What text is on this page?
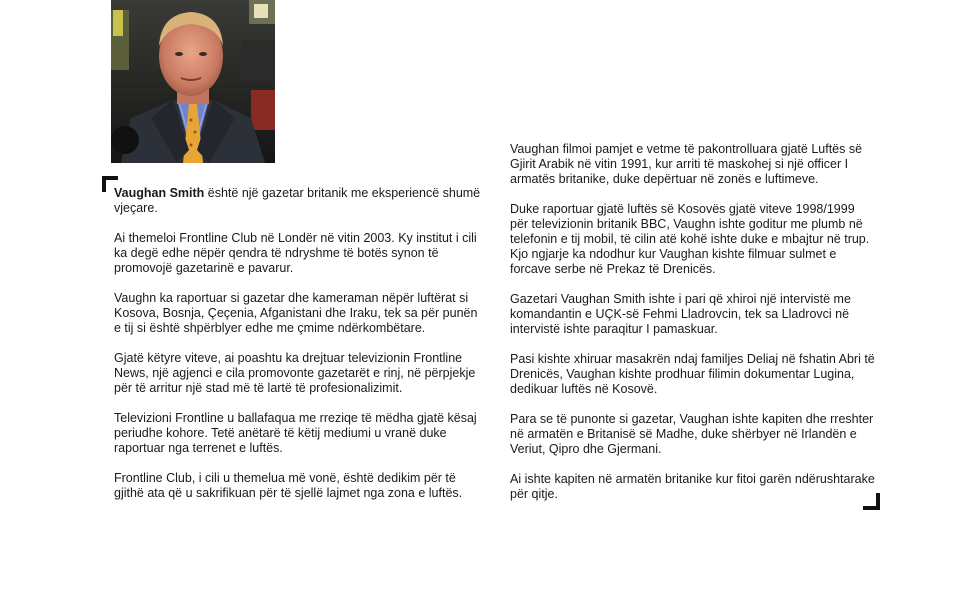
Vaughan Smith është një gazetar britanik me eksperiencë shumë vjeçare.

Ai themeloi Frontline Club në Londër në vitin 2003. Ky institut i cili ka degë edhe nëpër qendra të ndryshme të botës synon të promovojë gazetarinë e pavarur.

Vaughn ka raportuar si gazetar dhe kameraman nëpër luftërat si Kosova, Bosnja, Çeçenia, Afganistani dhe Iraku, tek sa për punën e tij si është shpërblyer edhe me çmime ndërkombëtare.

Gjatë këtyre viteve, ai poashtu ka drejtuar televizionin Frontline News, një agjenci e cila promovonte gazetarët e rinj, në përpjekje për të arritur një stad më të lartë të profesionalizimit.

Televizioni Frontline u ballafaqua me rreziqe të mëdha gjatë kësaj periudhe kohore. Tetë anëtarë të këtij mediumi u vranë duke raportuar nga terrenet e luftës.

Frontline Club, i cili u themelua më vonë, është dedikim për të gjithë ata që u sakrifikuan për të sjellë lajmet nga zona e luftës.

Vaughan filmoi pamjet e vetme të pakontrolluara gjatë Luftës së Gjirit Arabik në vitin 1991, kur arriti të maskohej si një officer I armatës britanike, duke depërtuar në zonës e luftimeve.

Duke raportuar gjatë luftës së Kosovës gjatë viteve 1998/1999 për televizionin britanik BBC, Vaughn ishte goditur me plumb në telefonin e tij mobil, të cilin atë kohë ishte duke e mbajtur në trup. Kjo ngjarje ka ndodhur kur Vaughan kishte filmuar sulmet e forcave serbe në Prekaz të Drenicës.

Gazetari Vaughan Smith ishte i pari që xhiroi një intervistë me komandantin e UÇK-së Fehmi Lladrovcin, tek sa Lladrovci në intervistë ishte paraqitur I pamaskuar.

Pasi kishte xhiruar masakrën ndaj familjes Deliaj në fshatin Abri të Drenicës, Vaughan kishte prodhuar filimin dokumentar Lugina, dedikuar luftës në Kosovë.

Para se të punonte si gazetar, Vaughan ishte kapiten dhe rreshter në armatën e Britanisë së Madhe, duke shërbyer në Irlandën e Veriut, Qipro dhe Gjermani.

Ai ishte kapiten në armatën britanike kur fitoi garën ndërushtarake për qitje.
